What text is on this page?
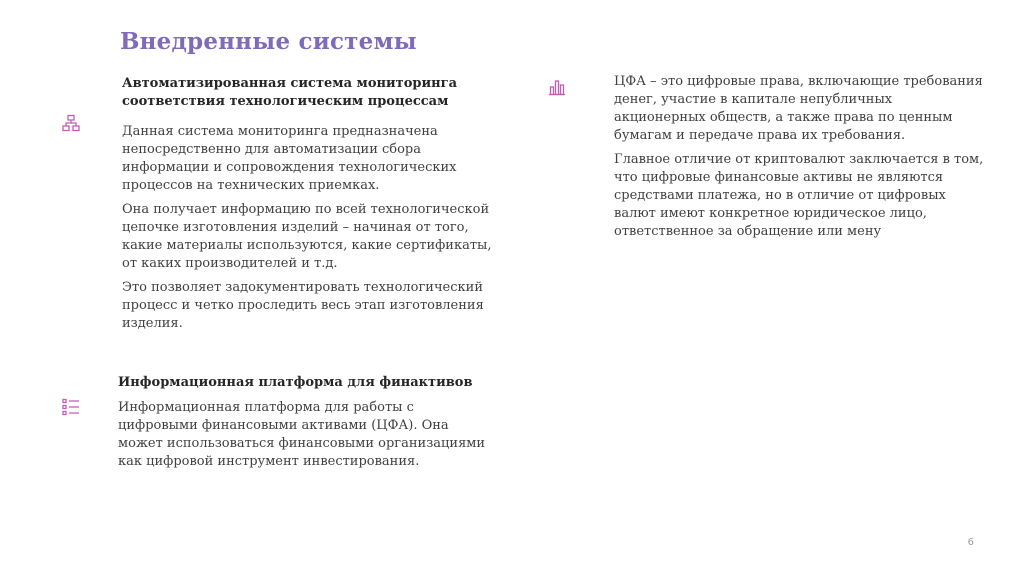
Внедренные системы
Автоматизированная система мониторинга
соответствия технологическим процессам
Данная система мониторинга предназначена
непосредственно для автоматизации сбора
информации и сопровождения технологических
процессов на технических приемках.
Она получает информацию по всей технологической
цепочке изготовления изделий – начиная от того,
какие материалы используются, какие сертификаты,
от каких производителей и т.д.
Это позволяет задокументировать технологический
процесс и четко проследить весь этап изготовления
изделия.
Информационная платформа для финактивов
Информационная платформа для работы с
цифровыми финансовыми активами (ЦФА). Она
может использоваться финансовыми организациями
как цифровой инструмент инвестирования.
ЦФА – это цифровые права, включающие требования
денег, участие в капитале непубличных
акционерных обществ, а также права по ценным
бумагам и передаче права их требования.
Главное отличие от криптовалют заключается в том,
что цифровые финансовые активы не являются
средствами платежа, но в отличие от цифровых
валют имеют конкретное юридическое лицо,
ответственное за обращение или мену
6
